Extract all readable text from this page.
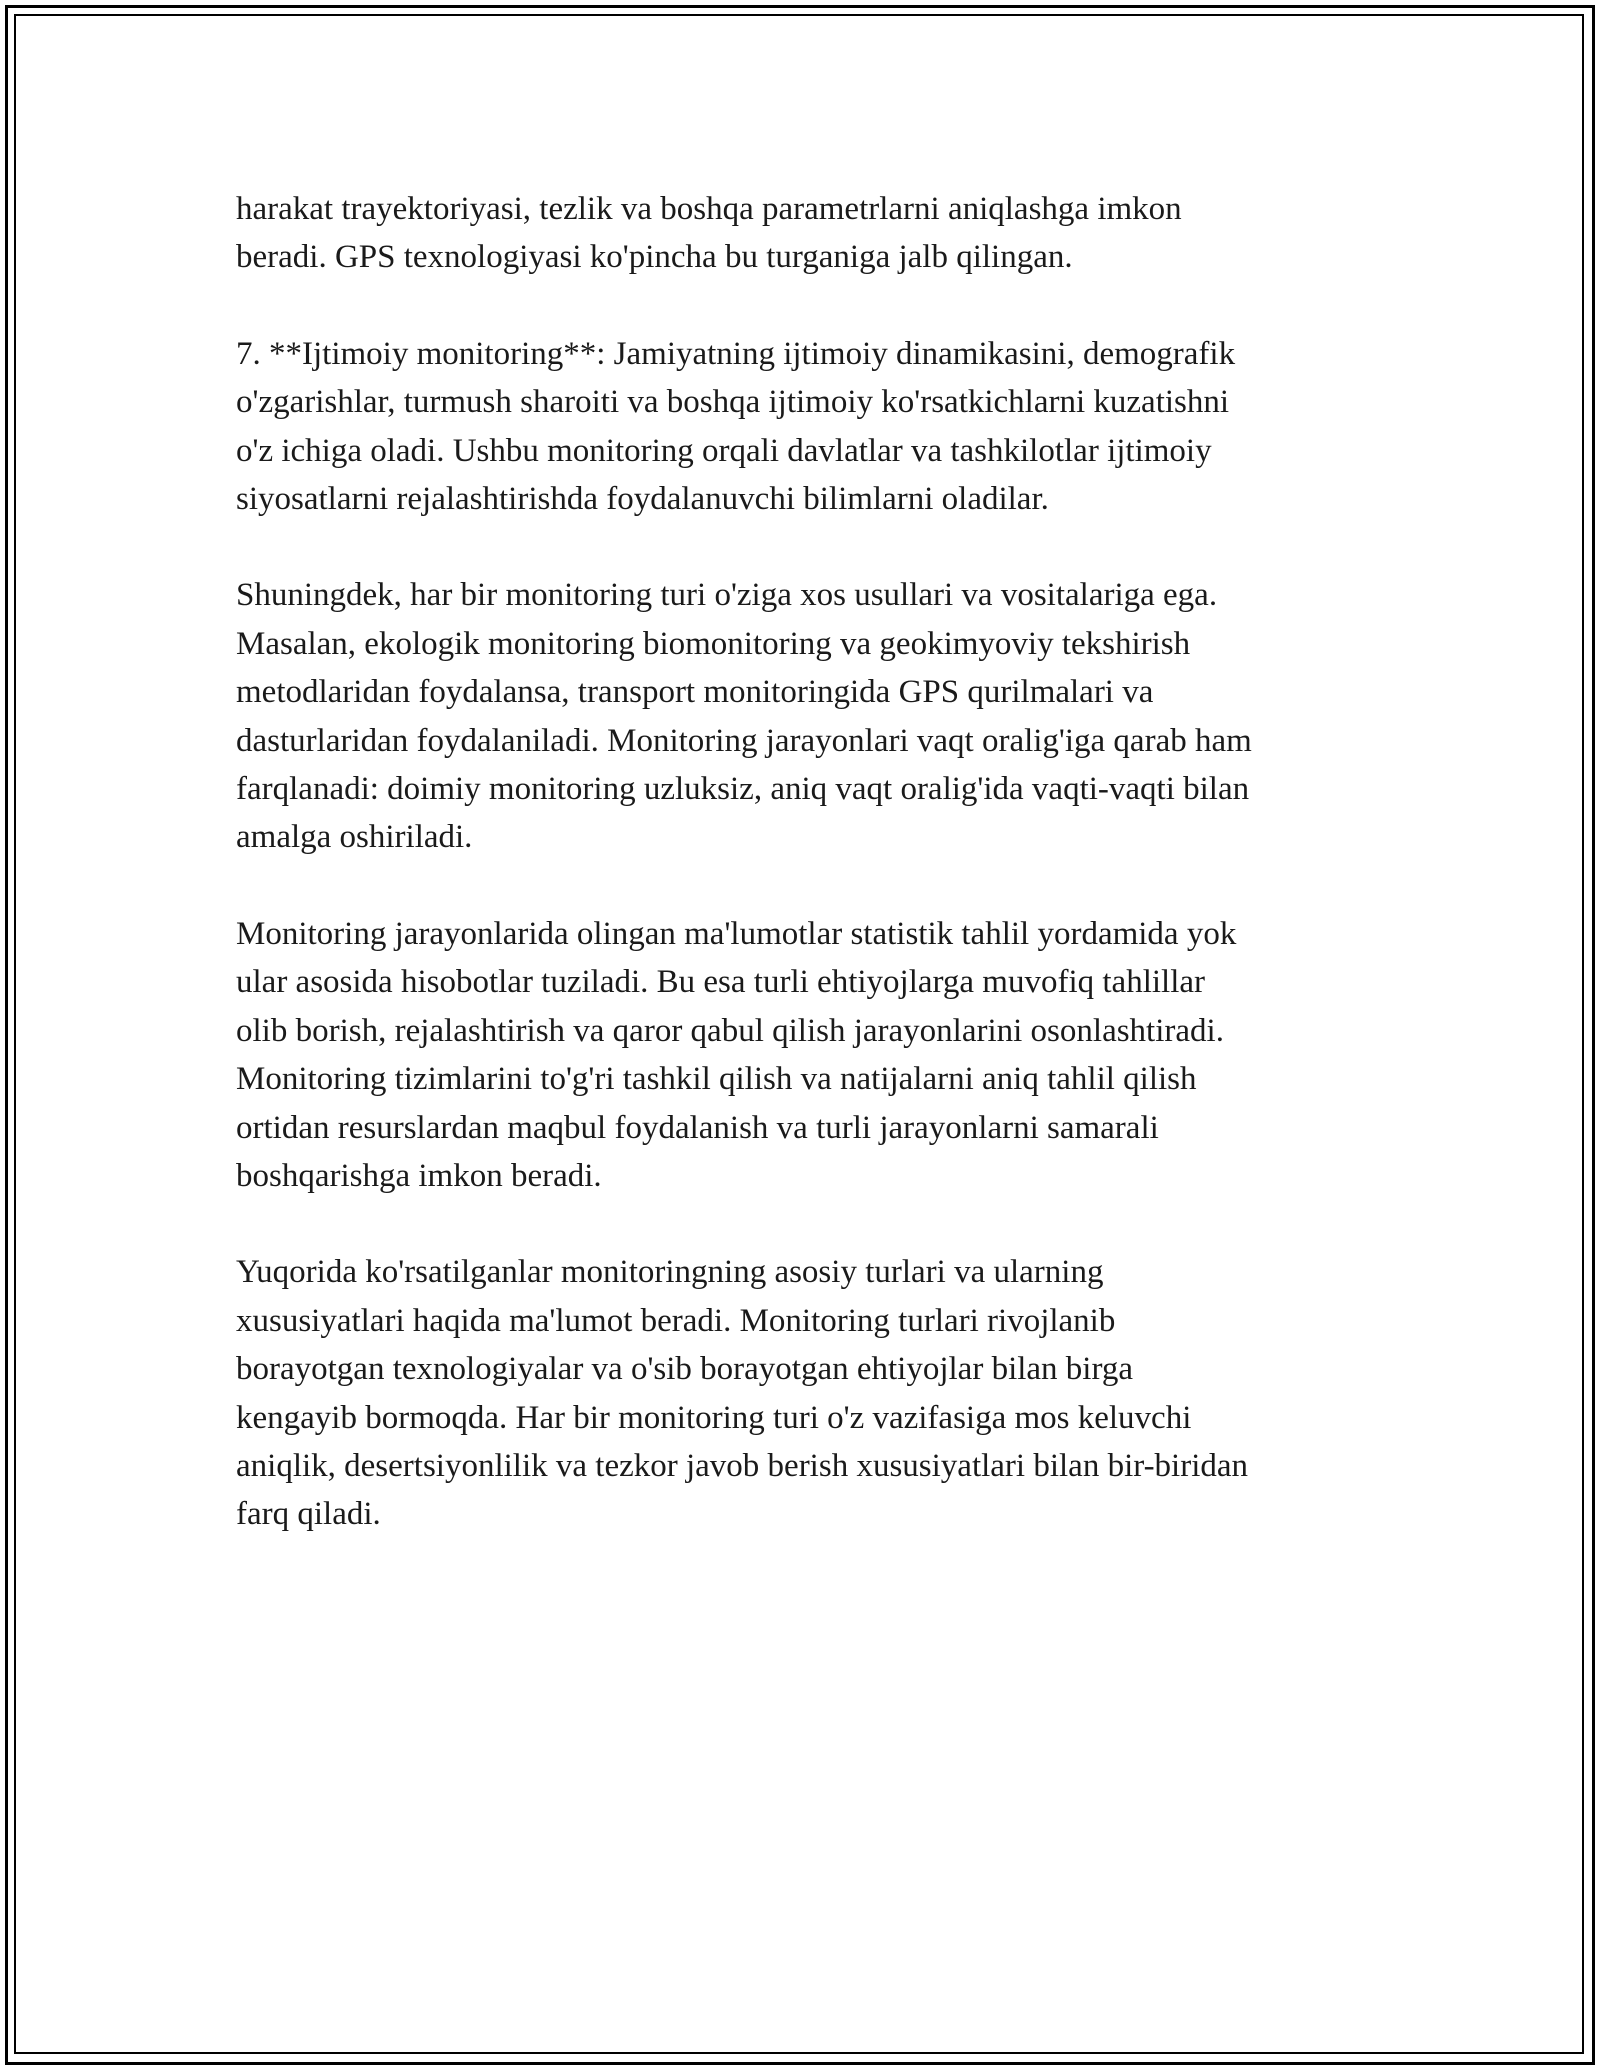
harakat trayektoriyasi, tezlik va boshqa parametrlarni aniqlashga imkon
beradi. GPS texnologiyasi ko'pincha bu turganiga jalb qilingan.

7. **Ijtimoiy monitoring**: Jamiyatning ijtimoiy dinamikasini, demografik
o'zgarishlar, turmush sharoiti va boshqa ijtimoiy ko'rsatkichlarni kuzatishni
o'z ichiga oladi. Ushbu monitoring orqali davlatlar va tashkilotlar ijtimoiy
siyosatlarni rejalashtirishda foydalanuvchi bilimlarni oladilar.

Shuningdek, har bir monitoring turi o'ziga xos usullari va vositalariga ega.
Masalan, ekologik monitoring biomonitoring va geokimyoviy tekshirish
metodlaridan foydalansa, transport monitoringida GPS qurilmalari va
dasturlaridan foydalaniladi. Monitoring jarayonlari vaqt oralig'iga qarab ham
farqlanadi: doimiy monitoring uzluksiz, aniq vaqt oralig'ida vaqti-vaqti bilan
amalga oshiriladi.

Monitoring jarayonlarida olingan ma'lumotlar statistik tahlil yordamida yok
ular asosida hisobotlar tuziladi. Bu esa turli ehtiyojlarga muvofiq tahlillar
olib borish, rejalashtirish va qaror qabul qilish jarayonlarini osonlashtiradi.
Monitoring tizimlarini to'g'ri tashkil qilish va natijalarni aniq tahlil qilish
ortidan resurslardan maqbul foydalanish va turli jarayonlarni samarali
boshqarishga imkon beradi.

Yuqorida ko'rsatilganlar monitoringning asosiy turlari va ularning
xususiyatlari haqida ma'lumot beradi. Monitoring turlari rivojlanib
borayotgan texnologiyalar va o'sib borayotgan ehtiyojlar bilan birga
kengayib bormoqda. Har bir monitoring turi o'z vazifasiga mos keluvchi
aniqlik, desertsiyonlilik va tezkor javob berish xususiyatlari bilan bir-biridan
farq qiladi.
